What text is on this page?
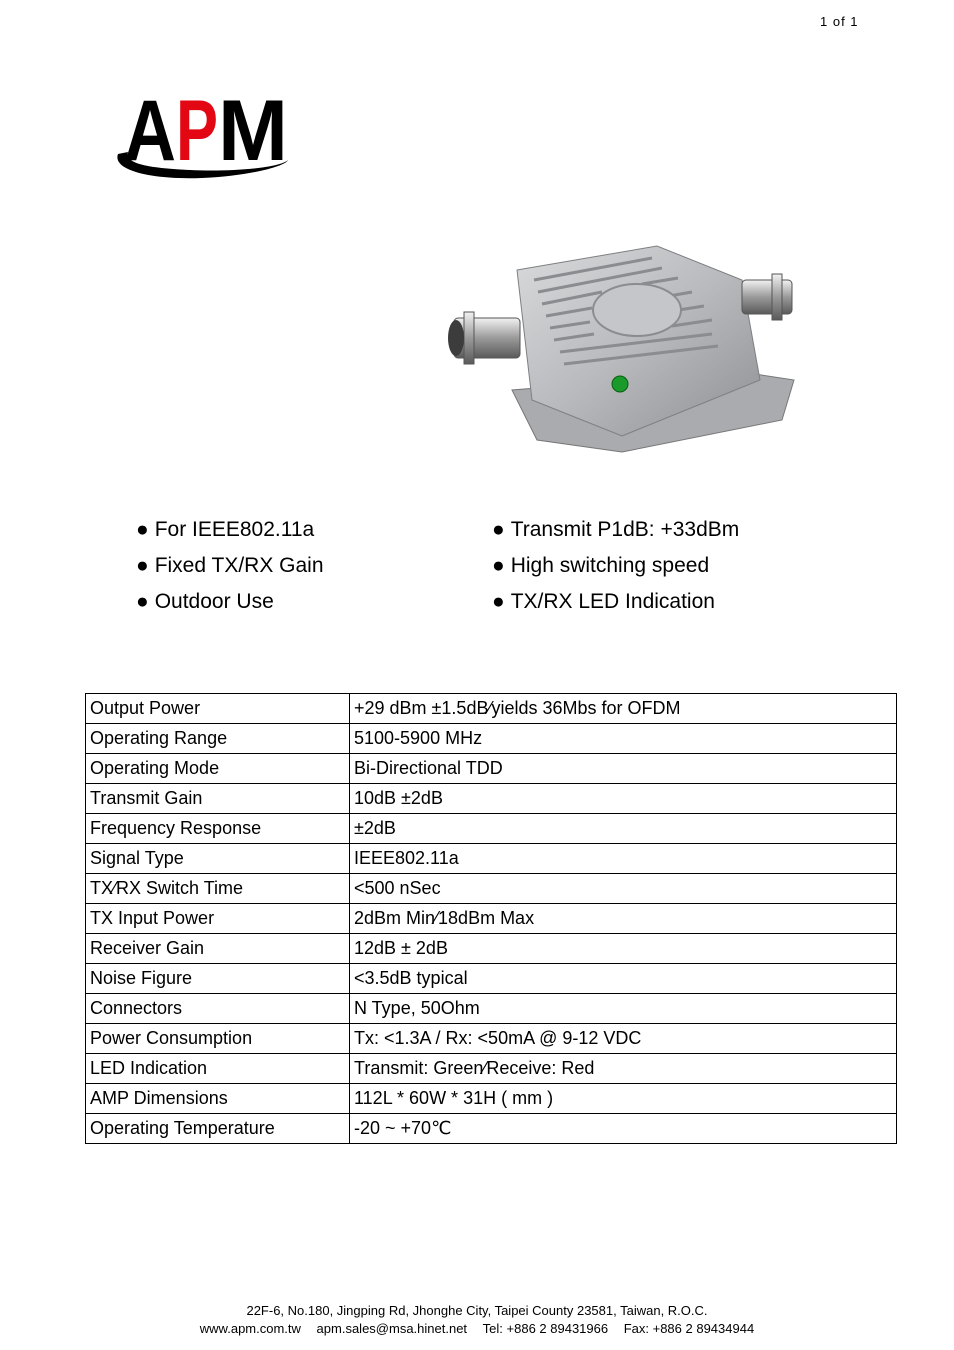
1 of 1
A P M
● For IEEE802.11a
● Fixed TX/RX Gain
● Outdoor Use
● Transmit P1dB: +33dBm
● High switching speed
● TX/RX LED Indication
Output Power	+29 dBm ±1.5dB⁄yields 36Mbs for OFDM
Operating Range	5100-5900 MHz
Operating Mode	Bi-Directional TDD
Transmit Gain	10dB ±2dB
Frequency Response	±2dB
Signal Type	IEEE802.11a
TX⁄RX Switch Time	<500 nSec
TX Input Power	2dBm Min⁄18dBm Max
Receiver Gain	12dB ± 2dB
Noise Figure	<3.5dB typical
Connectors	N Type, 50Ohm
Power Consumption	Tx: <1.3A / Rx: <50mA @ 9-12 VDC
LED Indication	Transmit: Green⁄Receive: Red
AMP Dimensions	112L * 60W * 31H ( mm )
Operating Temperature	-20 ~ +70℃
22F-6, No.180, Jingping Rd, Jhonghe City, Taipei County 23581, Taiwan, R.O.C.
www.apm.com.tw apm.sales@msa.hinet.net Tel: +886 2 89431966 Fax: +886 2 89434944
